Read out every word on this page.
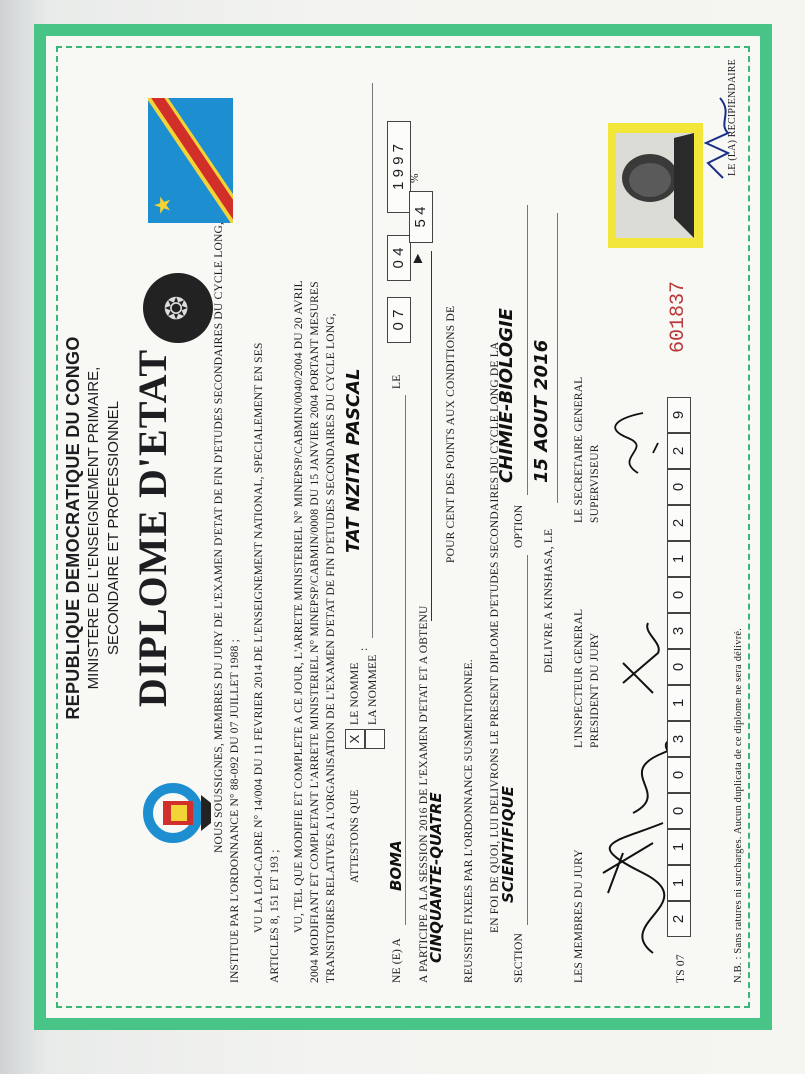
REPUBLIQUE DEMOCRATIQUE DU CONGO MINISTERE DE L'ENSEIGNEMENT PRIMAIRE, SECONDAIRE ET PROFESSIONNEL DIPLOME D'ETAT
★
❂	NOUS SOUSSIGNES, MEMBRES DU JURY DE L'EXAMEN D'ETAT DE FIN D'ETUDES SECONDAIRES DU CYCLE LONG, INSTITUE PAR L'ORDONNANCE N° 88-092 DU 07 JUILLET 1988 ; VU LA LOI-CADRE N° 14/004 DU 11 FEVRIER 2014 DE L'ENSEIGNEMENT NATIONAL, SPECIALEMENT EN SES ARTICLES 8, 151 ET 193 ; VU, TEL QUE MODIFIE ET COMPLETE A CE JOUR, L'ARRETE MINISTERIEL N° MINEPSP/CABMIN/0040/2004 DU 20 AVRIL 2004 MODIFIANT ET COMPLETANT L'ARRETE MINISTERIEL N° MINEPSP/CABMIN/0008 DU 15 JANVIER 2004 PORTANT MESURES TRANSITOIRES RELATIVES A L'ORGANISATION DE L'EXAMEN D'ETAT DE FIN D'ETUDES SECONDAIRES DU CYCLE LONG, ATTESTONS QUE
X
LE NOMME LA NOMMEE
:
TAT NZITA PASCAL
NE (E) A
BOMA
LE
0 7
0 4
1 9 9 7
A PARTICIPE A LA SESSION 2016 DE L'EXAMEN D'ETAT ET A OBTENU
▶
5 4
%
CINQUANTE-QUATRE
POUR CENT DES POINTS AUX CONDITIONS DE
REUSSITE FIXEES PAR L'ORDONNANCE SUSMENTIONNEE. EN FOI DE QUOI, LUI DELIVRONS LE PRESENT DIPLOME D'ETUDES SECONDAIRES DU CYCLE LONG DE LA
SECTION
SCIENTIFIQUE
OPTION
CHIMIE-BIOLOGIE
DELIVRE A KINSHASA, LE
15 AOUT 2016
LES MEMBRES DU JURY
L'INSPECTEUR GENERAL PRESIDENT DU JURY
LE SECRETAIRE GENERAL SUPERVISEUR
LE (LA) RECIPIENDAIRE
TS 07
2
1
1
0
0
3
1
0
3
0
1
2
0
2
9
601837
N.B. : Sans ratures ni surcharges. Aucun duplicata de ce diplome ne sera délivré.
